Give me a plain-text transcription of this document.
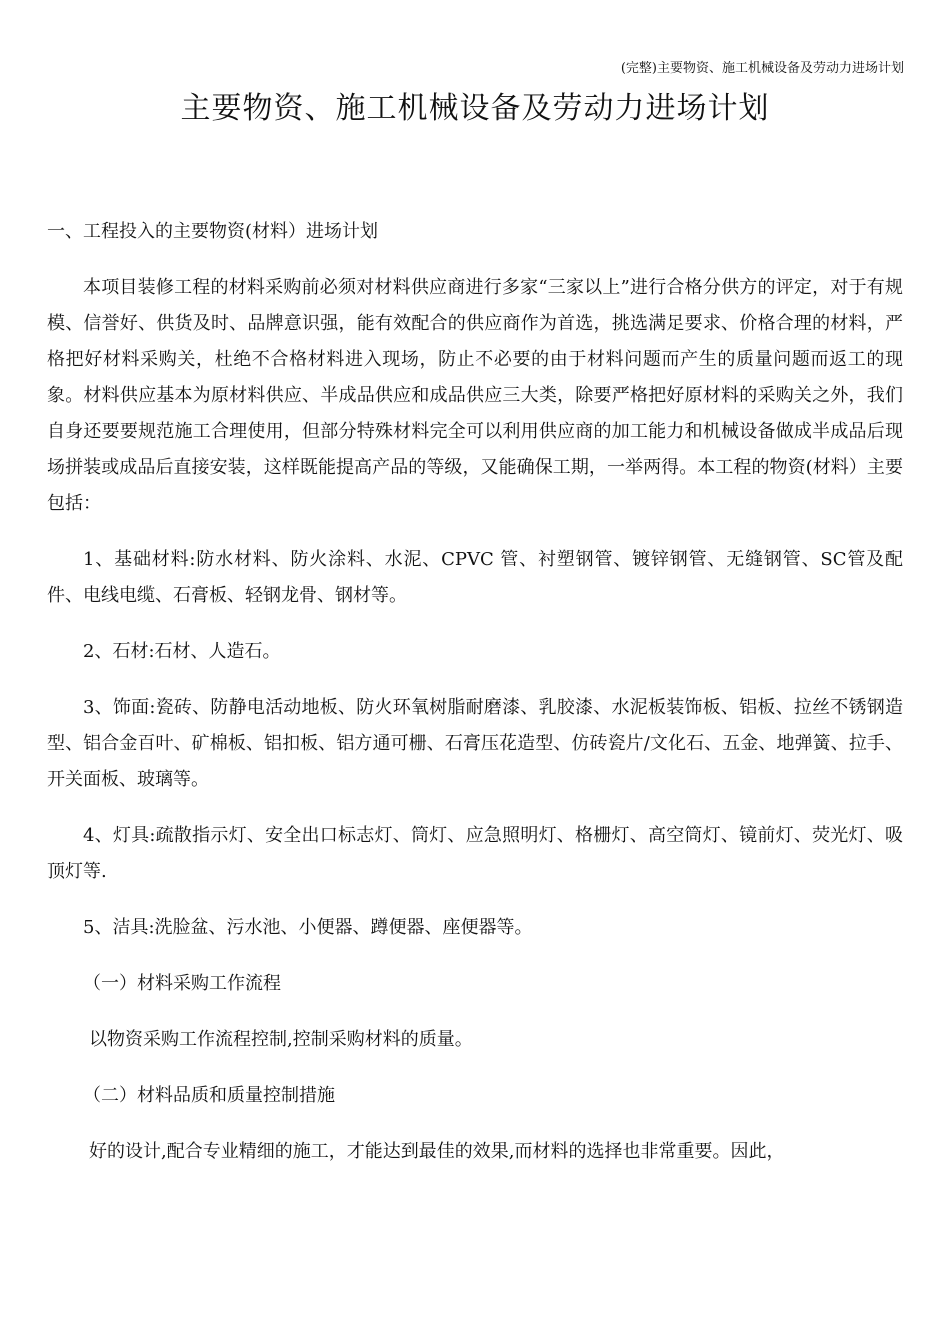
(完整)主要物资、施工机械设备及劳动力进场计划
主要物资、施工机械设备及劳动力进场计划

一、工程投入的主要物资(材料）进场计划

本项目装修工程的材料采购前必须对材料供应商进行多家“三家以上”进行合格分供方的评定，对于有规模、信誉好、供货及时、品牌意识强，能有效配合的供应商作为首选，挑选满足要求、价格合理的材料，严格把好材料采购关，杜绝不合格材料进入现场，防止不必要的由于材料问题而产生的质量问题而返工的现象。材料供应基本为原材料供应、半成品供应和成品供应三大类，除要严格把好原材料的采购关之外，我们自身还要要规范施工合理使用，但部分特殊材料完全可以利用供应商的加工能力和机械设备做成半成品后现场拼装或成品后直接安装，这样既能提高产品的等级，又能确保工期，一举两得。本工程的物资(材料）主要包括：

1、基础材料:防水材料、防火涂料、水泥、CPVC 管、衬塑钢管、镀锌钢管、无缝钢管、SC管及配件、电线电缆、石膏板、轻钢龙骨、钢材等。

2、石材:石材、人造石。

3、饰面:瓷砖、防静电活动地板、防火环氧树脂耐磨漆、乳胶漆、水泥板装饰板、铝板、拉丝不锈钢造型、铝合金百叶、矿棉板、铝扣板、铝方通可栅、石膏压花造型、仿砖瓷片/文化石、五金、地弹簧、拉手、开关面板、玻璃等。

4、灯具:疏散指示灯、安全出口标志灯、筒灯、应急照明灯、格栅灯、高空筒灯、镜前灯、荧光灯、吸顶灯等.

5、洁具:洗脸盆、污水池、小便器、蹲便器、座便器等。

（一）材料采购工作流程

以物资采购工作流程控制,控制采购材料的质量。

（二）材料品质和质量控制措施

好的设计,配合专业精细的施工，才能达到最佳的效果,而材料的选择也非常重要。因此，
